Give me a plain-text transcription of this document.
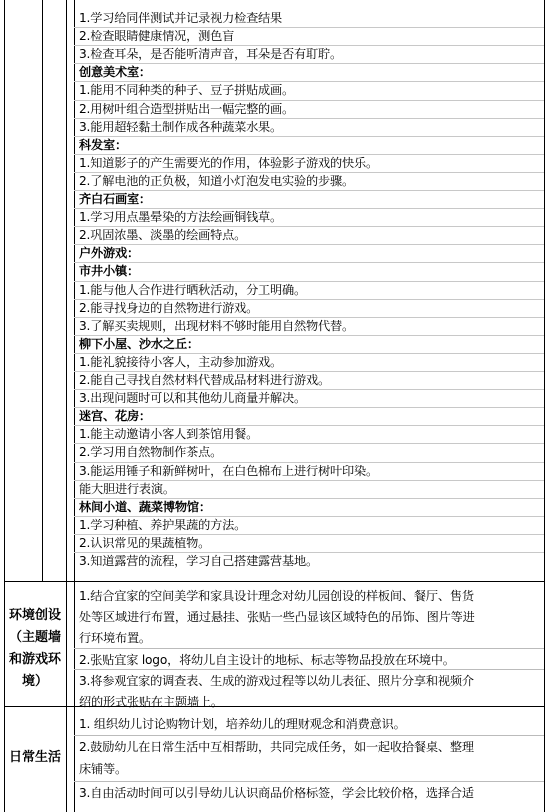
1.学习给同伴测试并记录视力检查结果
2.检查眼睛健康情况，测色盲
3.检查耳朵，是否能听清声音，耳朵是否有耵聍。
创意美术室：
1.能用不同种类的种子、豆子拼贴成画。
2.用树叶组合造型拼贴出一幅完整的画。
3.能用超轻黏土制作成各种蔬菜水果。
科发室：
1.知道影子的产生需要光的作用，体验影子游戏的快乐。
2.了解电池的正负极，知道小灯泡发电实验的步骤。
齐白石画室：
1.学习用点墨晕染的方法绘画铜钱草。
2.巩固浓墨、淡墨的绘画特点。
户外游戏：
市井小镇：
1.能与他人合作进行晒秋活动，分工明确。
2.能寻找身边的自然物进行游戏。
3.了解买卖规则，出现材料不够时能用自然物代替。
柳下小屋、沙水之丘：
1.能礼貌接待小客人，主动参加游戏。
2.能自己寻找自然材料代替成品材料进行游戏。
3.出现问题时可以和其他幼儿商量并解决。
迷宫、花房：
1.能主动邀请小客人到茶馆用餐。
2.学习用自然物制作茶点。
3.能运用锤子和新鲜树叶，在白色棉布上进行树叶印染。
能大胆进行表演。
林间小道、蔬菜博物馆：
1.学习种植、养护果蔬的方法。
2.认识常见的果蔬植物。
3.知道露营的流程，学习自己搭建露营基地。
环境创设
（主题墙
和游戏环
境）
1.结合宜家的空间美学和家具设计理念对幼儿园创设的样板间、餐厅、售货
处等区域进行布置，通过悬挂、张贴一些凸显该区域特色的吊饰、图片等进
行环境布置。
2.张贴宜家 logo，将幼儿自主设计的地标、标志等物品投放在环境中。
3.将参观宜家的调查表、生成的游戏过程等以幼儿表征、照片分享和视频介
绍的形式张贴在主题墙上。
日常生活
1. 组织幼儿讨论购物计划，培养幼儿的理财观念和消费意识。
2.鼓励幼儿在日常生活中互相帮助，共同完成任务，如一起收拾餐桌、整理
床铺等。
3.自由活动时间可以引导幼儿认识商品价格标签，学会比较价格，选择合适
